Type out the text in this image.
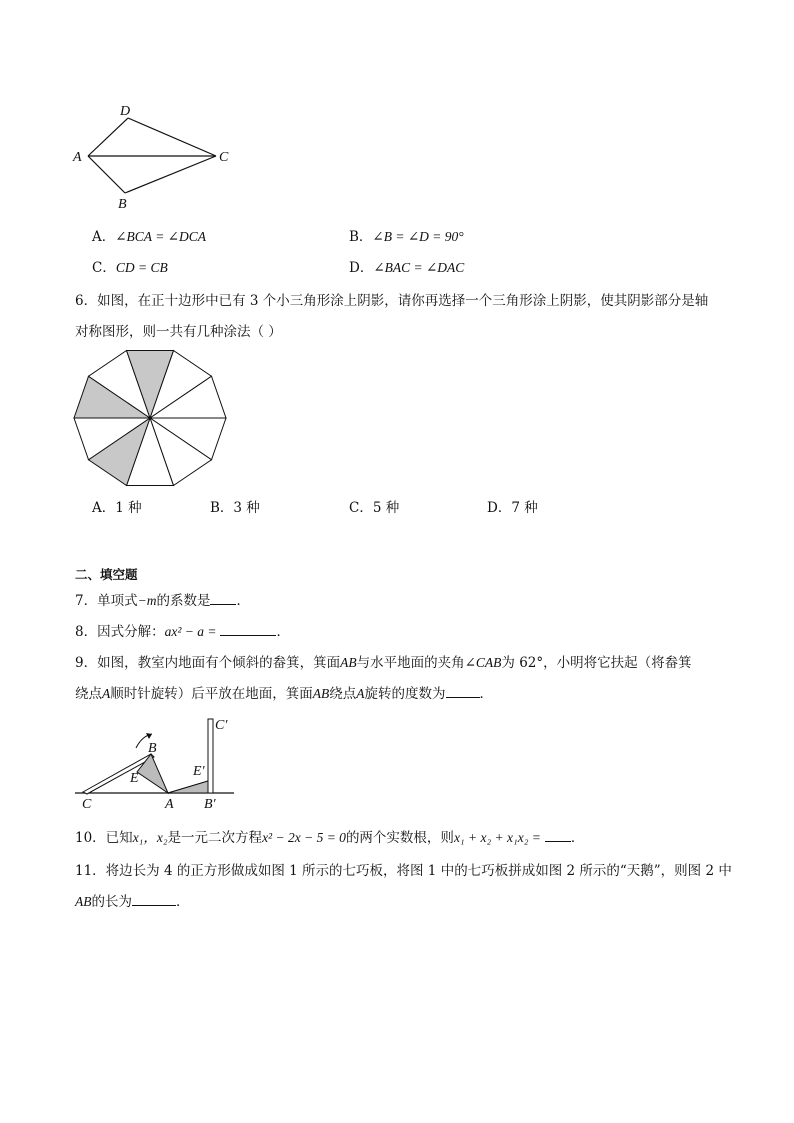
D
A	C
B
A．∠BCA = ∠DCA	B．∠B = ∠D = 90°
C．CD = CB	D．∠BAC = ∠DAC
6．如图，在正十边形中已有 3 个小三角形涂上阴影，请你再选择一个三角形涂上阴影，使其阴影部分是轴
对称图形，则一共有几种涂法（ ）
A．1 种	B．3 种	C．5 种	D．7 种
二、填空题
7．单项式−m的系数是 ．
8．因式分解：ax² − a =	．
9．如图，教室内地面有个倾斜的畚箕，箕面AB与水平地面的夹角∠CAB为 62°，小明将它扶起（将畚箕
绕点A顺时针旋转）后平放在地面，箕面AB绕点A旋转的度数为	．
B
E
C	A
C′
E′
B′
10．已知x₁，x₂是一元二次方程x² − 2x − 5 = 0的两个实数根，则x₁ + x₂ + x₁x₂ = ．
11．将边长为 4 的正方形做成如图 1 所示的七巧板，将图 1 中的七巧板拼成如图 2 所示的“天鹅”，则图 2 中
AB的长为	．
